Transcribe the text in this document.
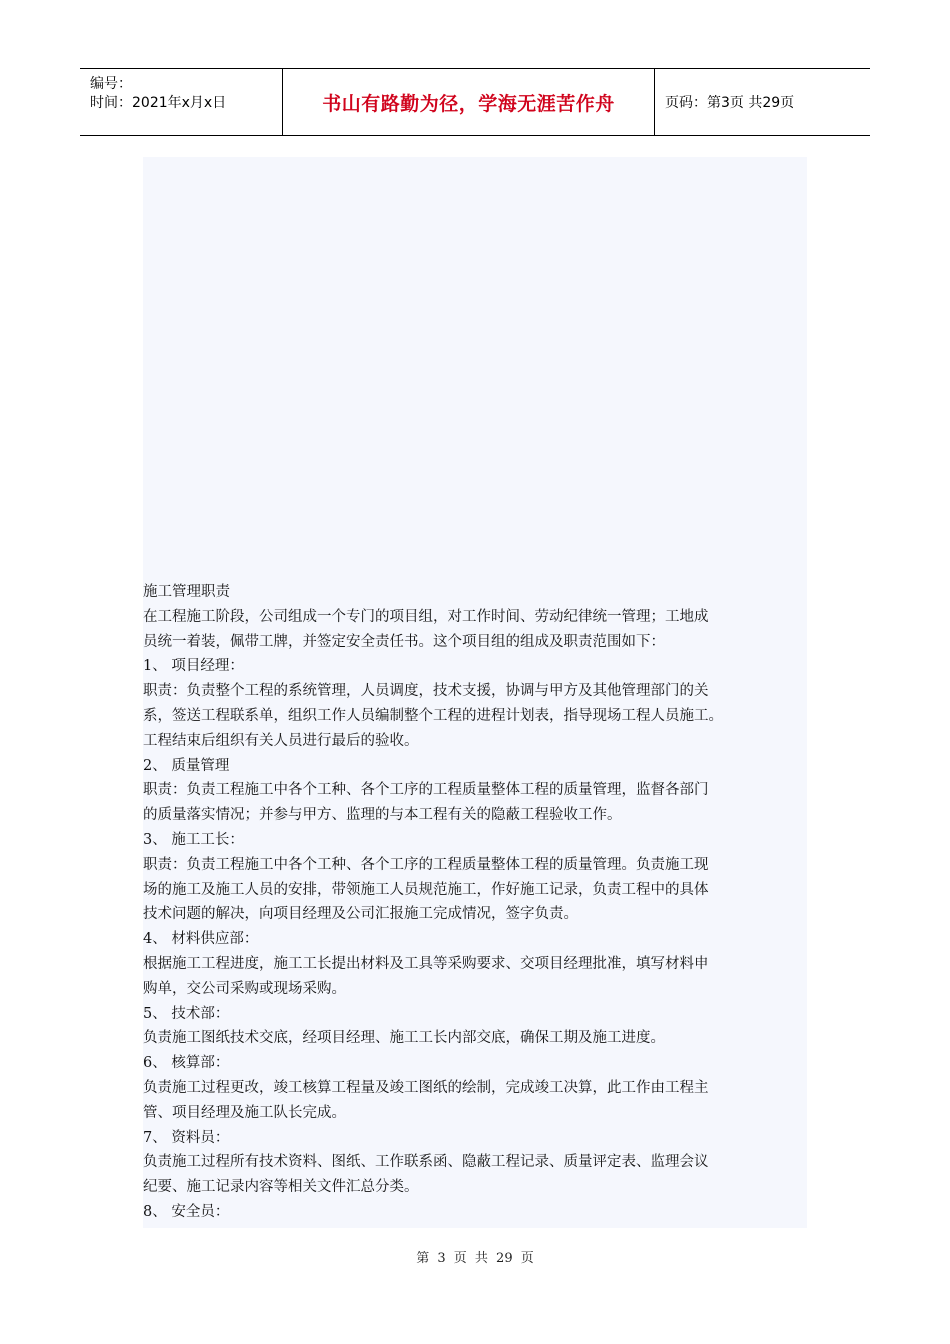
编号：
时间：2021年x月x日	书山有路勤为径，学海无涯苦作舟	页码：第3页 共29页

施工管理职责

在工程施工阶段，公司组成一个专门的项目组，对工作时间、劳动纪律统一管理；工地成

员统一着装，佩带工牌，并签定安全责任书。这个项目组的组成及职责范围如下：

1、 项目经理：

职责：负责整个工程的系统管理，人员调度，技术支援，协调与甲方及其他管理部门的关

系，签送工程联系单，组织工作人员编制整个工程的进程计划表，指导现场工程人员施工。

工程结束后组织有关人员进行最后的验收。

2、 质量管理

职责：负责工程施工中各个工种、各个工序的工程质量整体工程的质量管理，监督各部门

的质量落实情况；并参与甲方、监理的与本工程有关的隐蔽工程验收工作。

3、 施工工长：

职责：负责工程施工中各个工种、各个工序的工程质量整体工程的质量管理。负责施工现

场的施工及施工人员的安排，带领施工人员规范施工，作好施工记录，负责工程中的具体

技术问题的解决，向项目经理及公司汇报施工完成情况，签字负责。

4、 材料供应部：

根据施工工程进度，施工工长提出材料及工具等采购要求、交项目经理批准，填写材料申

购单，交公司采购或现场采购。

5、 技术部：

负责施工图纸技术交底，经项目经理、施工工长内部交底，确保工期及施工进度。

6、 核算部：

负责施工过程更改，竣工核算工程量及竣工图纸的绘制，完成竣工决算，此工作由工程主

管、项目经理及施工队长完成。

7、 资料员：

负责施工过程所有技术资料、图纸、工作联系函、隐蔽工程记录、质量评定表、监理会议

纪要、施工记录内容等相关文件汇总分类。

8、 安全员：

第 3 页 共 29 页
